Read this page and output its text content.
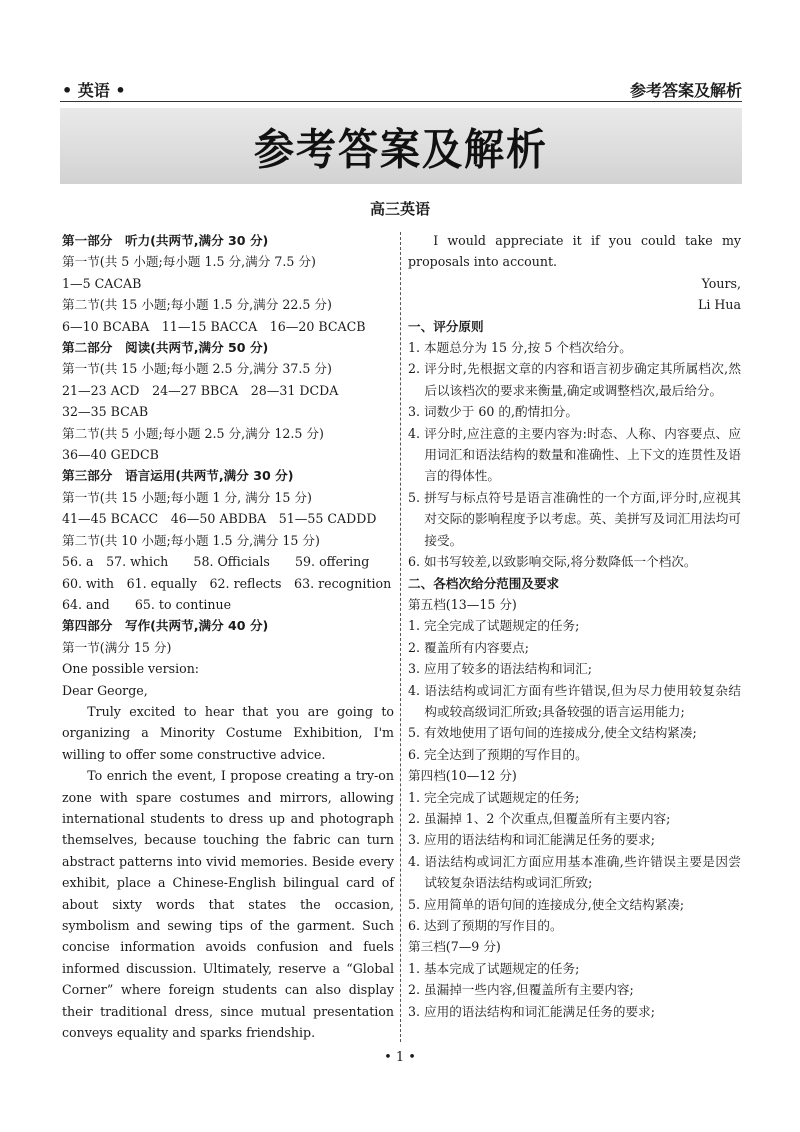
• 英语 •	参考答案及解析
参考答案及解析
高三英语
第一部分　听力(共两节,满分 30 分)
第一节(共 5 小题;每小题 1.5 分,满分 7.5 分)
1—5 CACAB
第二节(共 15 小题;每小题 1.5 分,满分 22.5 分)
6—10 BCABA　11—15 BACCA　16—20 BCACB
第二部分　阅读(共两节,满分 50 分)
第一节(共 15 小题;每小题 2.5 分,满分 37.5 分)
21—23 ACD　24—27 BBCA　28—31 DCDA
32—35 BCAB
第二节(共 5 小题;每小题 2.5 分,满分 12.5 分)
36—40 GEDCB
第三部分　语言运用(共两节,满分 30 分)
第一节(共 15 小题;每小题 1 分, 满分 15 分)
41—45 BCACC　46—50 ABDBA　51—55 CADDD
第二节(共 10 小题;每小题 1.5 分,满分 15 分)
56. a　57. which　　58. Officials　　59. offering
60. with　61. equally　62. reflects　63. recognition
64. and　　65. to continue
第四部分　写作(共两节,满分 40 分)
第一节(满分 15 分)
One possible version:
Dear George,
Truly excited to hear that you are going to organizing a Minority Costume Exhibition, I'm willing to offer some constructive advice.
To enrich the event, I propose creating a try-on zone with spare costumes and mirrors, allowing international students to dress up and photograph themselves, because touching the fabric can turn abstract patterns into vivid memories. Beside every exhibit, place a Chinese-English bilingual card of about sixty words that states the occasion, symbolism and sewing tips of the garment. Such concise information avoids confusion and fuels informed discussion. Ultimately, reserve a “Global Corner” where foreign students can also display their traditional dress, since mutual presentation conveys equality and sparks friendship.
I would appreciate it if you could take my proposals into account.
Yours,
Li Hua
一、评分原则
1. 本题总分为 15 分,按 5 个档次给分。
2. 评分时,先根据文章的内容和语言初步确定其所属档次,然后以该档次的要求来衡量,确定或调整档次,最后给分。
3. 词数少于 60 的,酌情扣分。
4. 评分时,应注意的主要内容为:时态、人称、内容要点、应用词汇和语法结构的数量和准确性、上下文的连贯性及语言的得体性。
5. 拼写与标点符号是语言准确性的一个方面,评分时,应视其对交际的影响程度予以考虑。英、美拼写及词汇用法均可接受。
6. 如书写较差,以致影响交际,将分数降低一个档次。
二、各档次给分范围及要求
第五档(13—15 分)
1. 完全完成了试题规定的任务;
2. 覆盖所有内容要点;
3. 应用了较多的语法结构和词汇;
4. 语法结构或词汇方面有些许错误,但为尽力使用较复杂结构或较高级词汇所致;具备较强的语言运用能力;
5. 有效地使用了语句间的连接成分,使全文结构紧凑;
6. 完全达到了预期的写作目的。
第四档(10—12 分)
1. 完全完成了试题规定的任务;
2. 虽漏掉 1、2 个次重点,但覆盖所有主要内容;
3. 应用的语法结构和词汇能满足任务的要求;
4. 语法结构或词汇方面应用基本准确,些许错误主要是因尝试较复杂语法结构或词汇所致;
5. 应用简单的语句间的连接成分,使全文结构紧凑;
6. 达到了预期的写作目的。
第三档(7—9 分)
1. 基本完成了试题规定的任务;
2. 虽漏掉一些内容,但覆盖所有主要内容;
3. 应用的语法结构和词汇能满足任务的要求;
• 1 •
